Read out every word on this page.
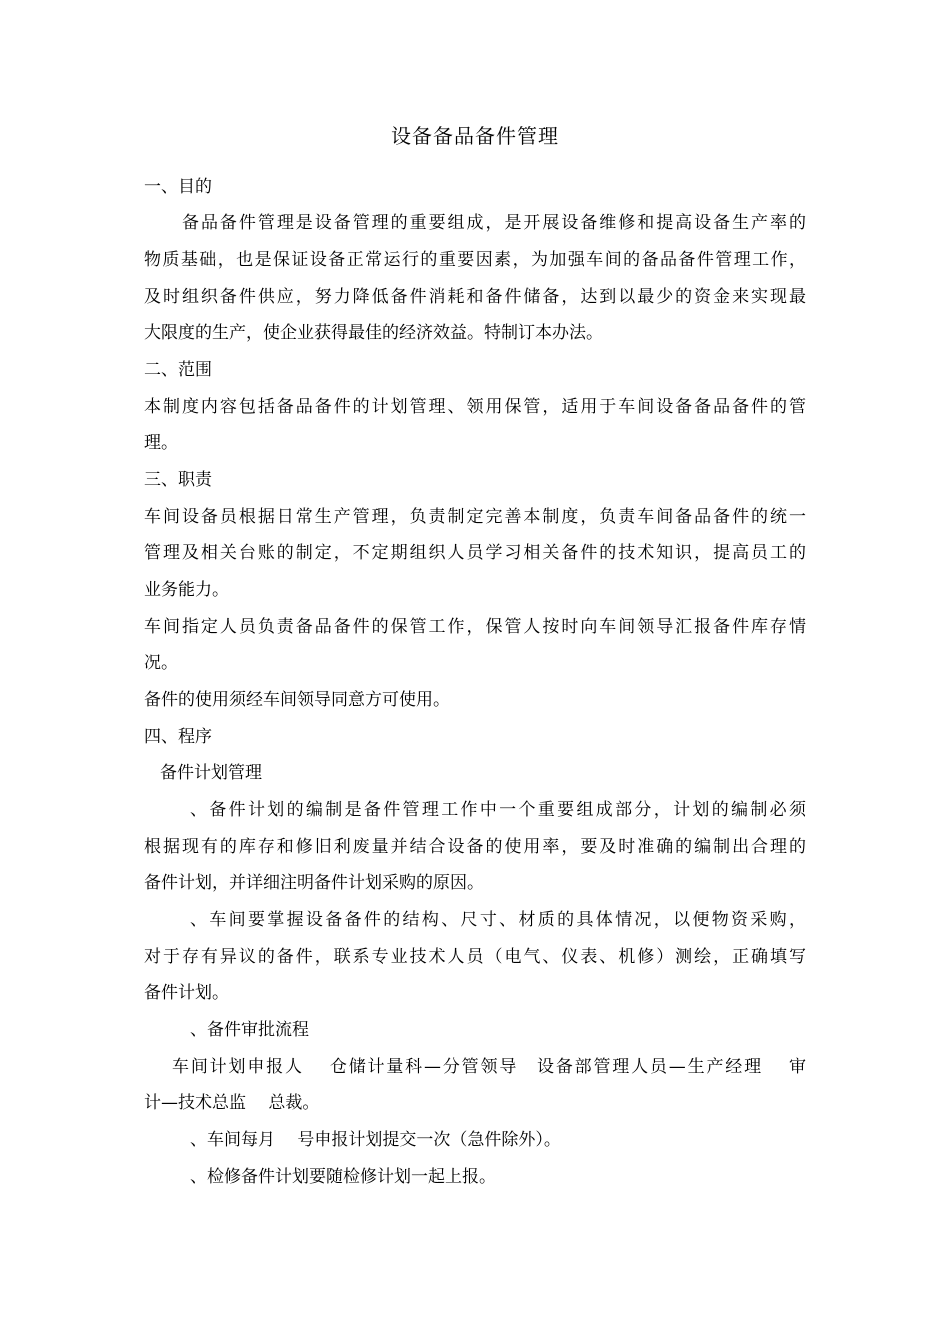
设备备品备件管理
一、目的
备品备件管理是设备管理的重要组成，是开展设备维修和提高设备生产率的
物质基础，也是保证设备正常运行的重要因素，为加强车间的备品备件管理工作，
及时组织备件供应，努力降低备件消耗和备件储备，达到以最少的资金来实现最
大限度的生产，使企业获得最佳的经济效益。特制订本办法。
二、范围
本制度内容包括备品备件的计划管理、领用保管，适用于车间设备备品备件的管
理。
三、职责
车间设备员根据日常生产管理，负责制定完善本制度，负责车间备品备件的统一
管理及相关台账的制定，不定期组织人员学习相关备件的技术知识，提高员工的
业务能力。
车间指定人员负责备品备件的保管工作，保管人按时向车间领导汇报备件库存情
况。
备件的使用须经车间领导同意方可使用。
四、程序
备件计划管理
、备件计划的编制是备件管理工作中一个重要组成部分，计划的编制必须
根据现有的库存和修旧利废量并结合设备的使用率，要及时准确的编制出合理的
备件计划，并详细注明备件计划采购的原因。
、车间要掌握设备备件的结构、尺寸、材质的具体情况，以便物资采购，
对于存有异议的备件，联系专业技术人员（电气、仪表、机修）测绘，正确填写
备件计划。
、备件审批流程
车间计划申报人　 仓储计量科—分管领导　设备部管理人员—生产经理　 审
计—技术总监　 总裁。
、车间每月　 号申报计划提交一次（急件除外）。
、检修备件计划要随检修计划一起上报。
